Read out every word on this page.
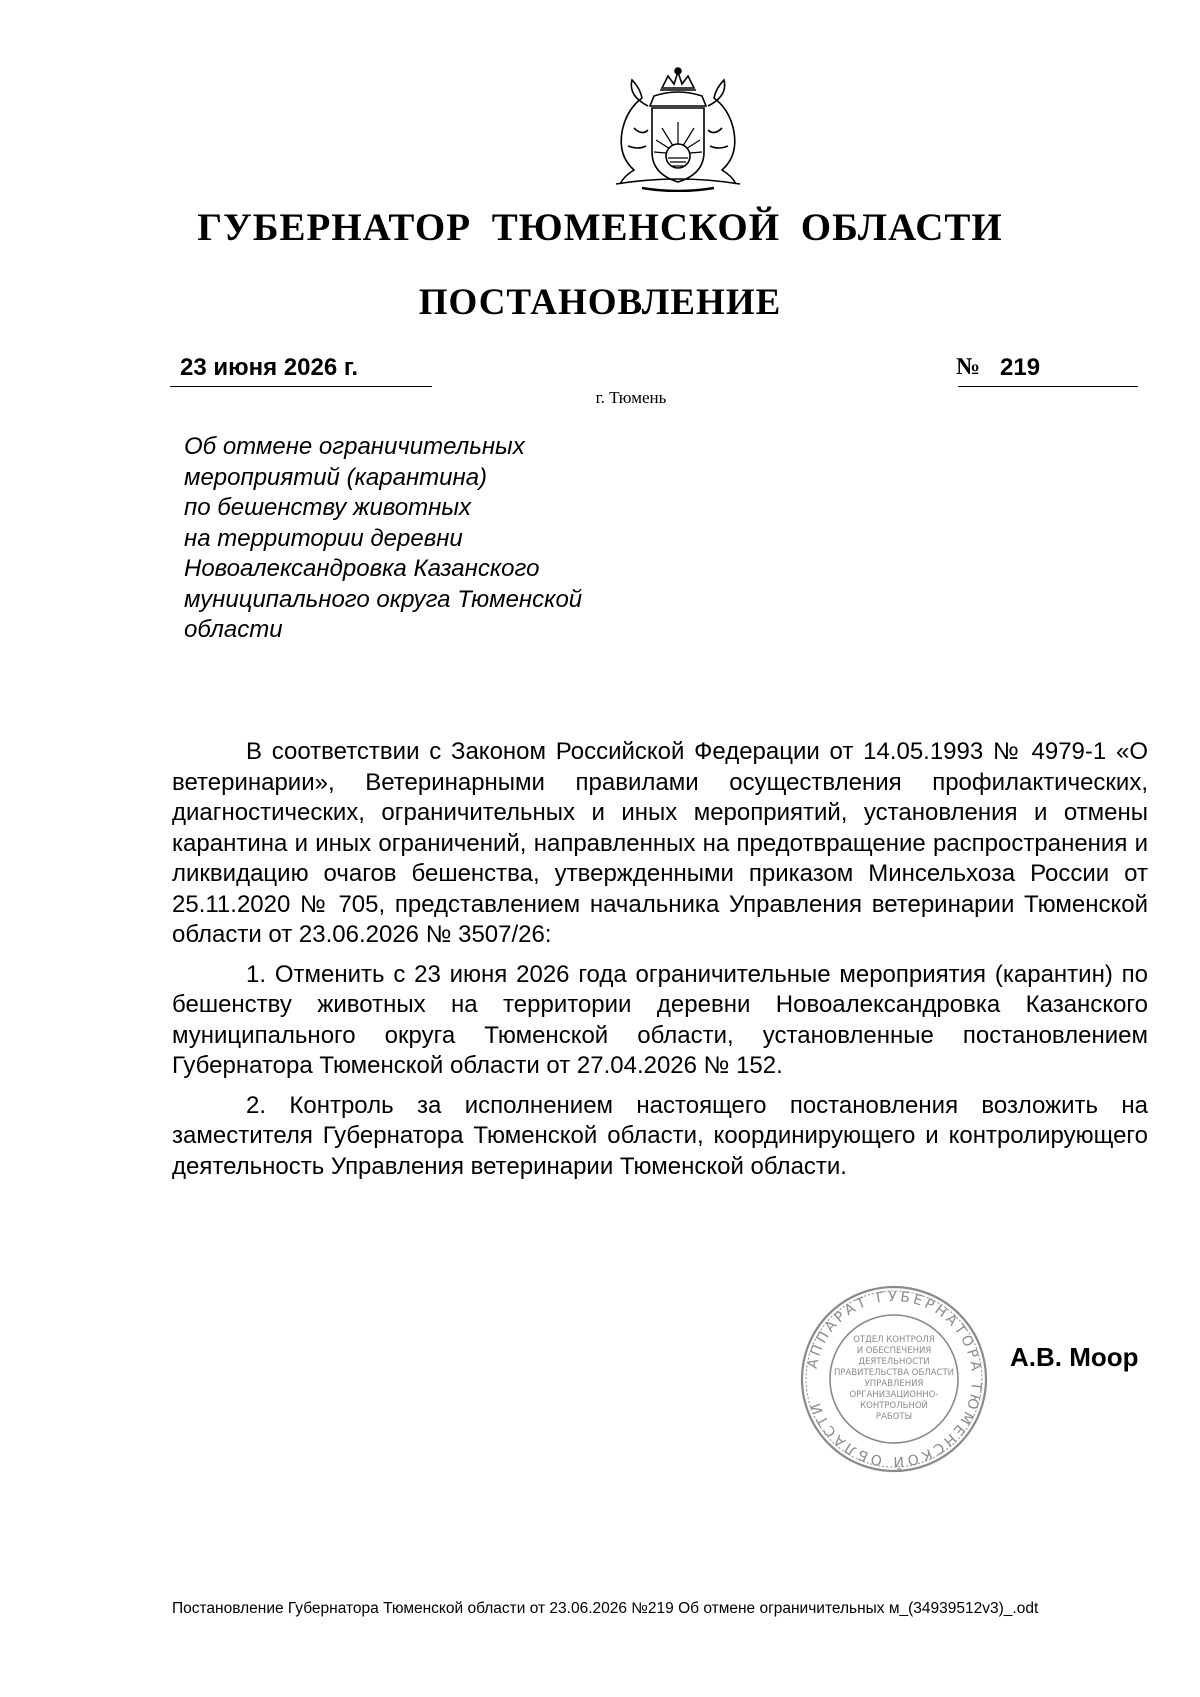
ГУБЕРНАТОР ТЮМЕНСКОЙ ОБЛАСТИ
ПОСТАНОВЛЕНИЕ
23 июня 2026 г.	№ 219
г. Тюмень
Об отмене ограничительных
мероприятий (карантина)
по бешенству животных
на территории деревни
Новоалександровка Казанского
муниципального округа Тюменской
области

В соответствии с Законом Российской Федерации от 14.05.1993 № 4979-1 «О ветеринарии», Ветеринарными правилами осуществления профилактических, диагностических, ограничительных и иных мероприятий, установления и отмены карантина и иных ограничений, направленных на предотвращение распространения и ликвидацию очагов бешенства, утвержденными приказом Минсельхоза России от 25.11.2020 № 705, представлением начальника Управления ветеринарии Тюменской области от 23.06.2026 № 3507/26:

1. Отменить с 23 июня 2026 года ограничительные мероприятия (карантин) по бешенству животных на территории деревни Новоалександровка Казанского муниципального округа Тюменской области, установленные постановлением Губернатора Тюменской области от 27.04.2026 № 152.

2. Контроль за исполнением настоящего постановления возложить на заместителя Губернатора Тюменской области, координирующего и контролирующего деятельность Управления ветеринарии Тюменской области.

АППАРАТ ГУБЕРНАТОРА ТЮМЕНСКОЙ ОБЛАСТИ
ОТДЕЛ КОНТРОЛЯ
И ОБЕСПЕЧЕНИЯ
ДЕЯТЕЛЬНОСТИ
ПРАВИТЕЛЬСТВА ОБЛАСТИ
УПРАВЛЕНИЯ
ОРГАНИЗАЦИОННО-
КОНТРОЛЬНОЙ
РАБОТЫ
А.В. Моор
Постановление Губернатора Тюменской области от 23.06.2026 №219 Об отмене ограничительных м_(34939512v3)_.odt
